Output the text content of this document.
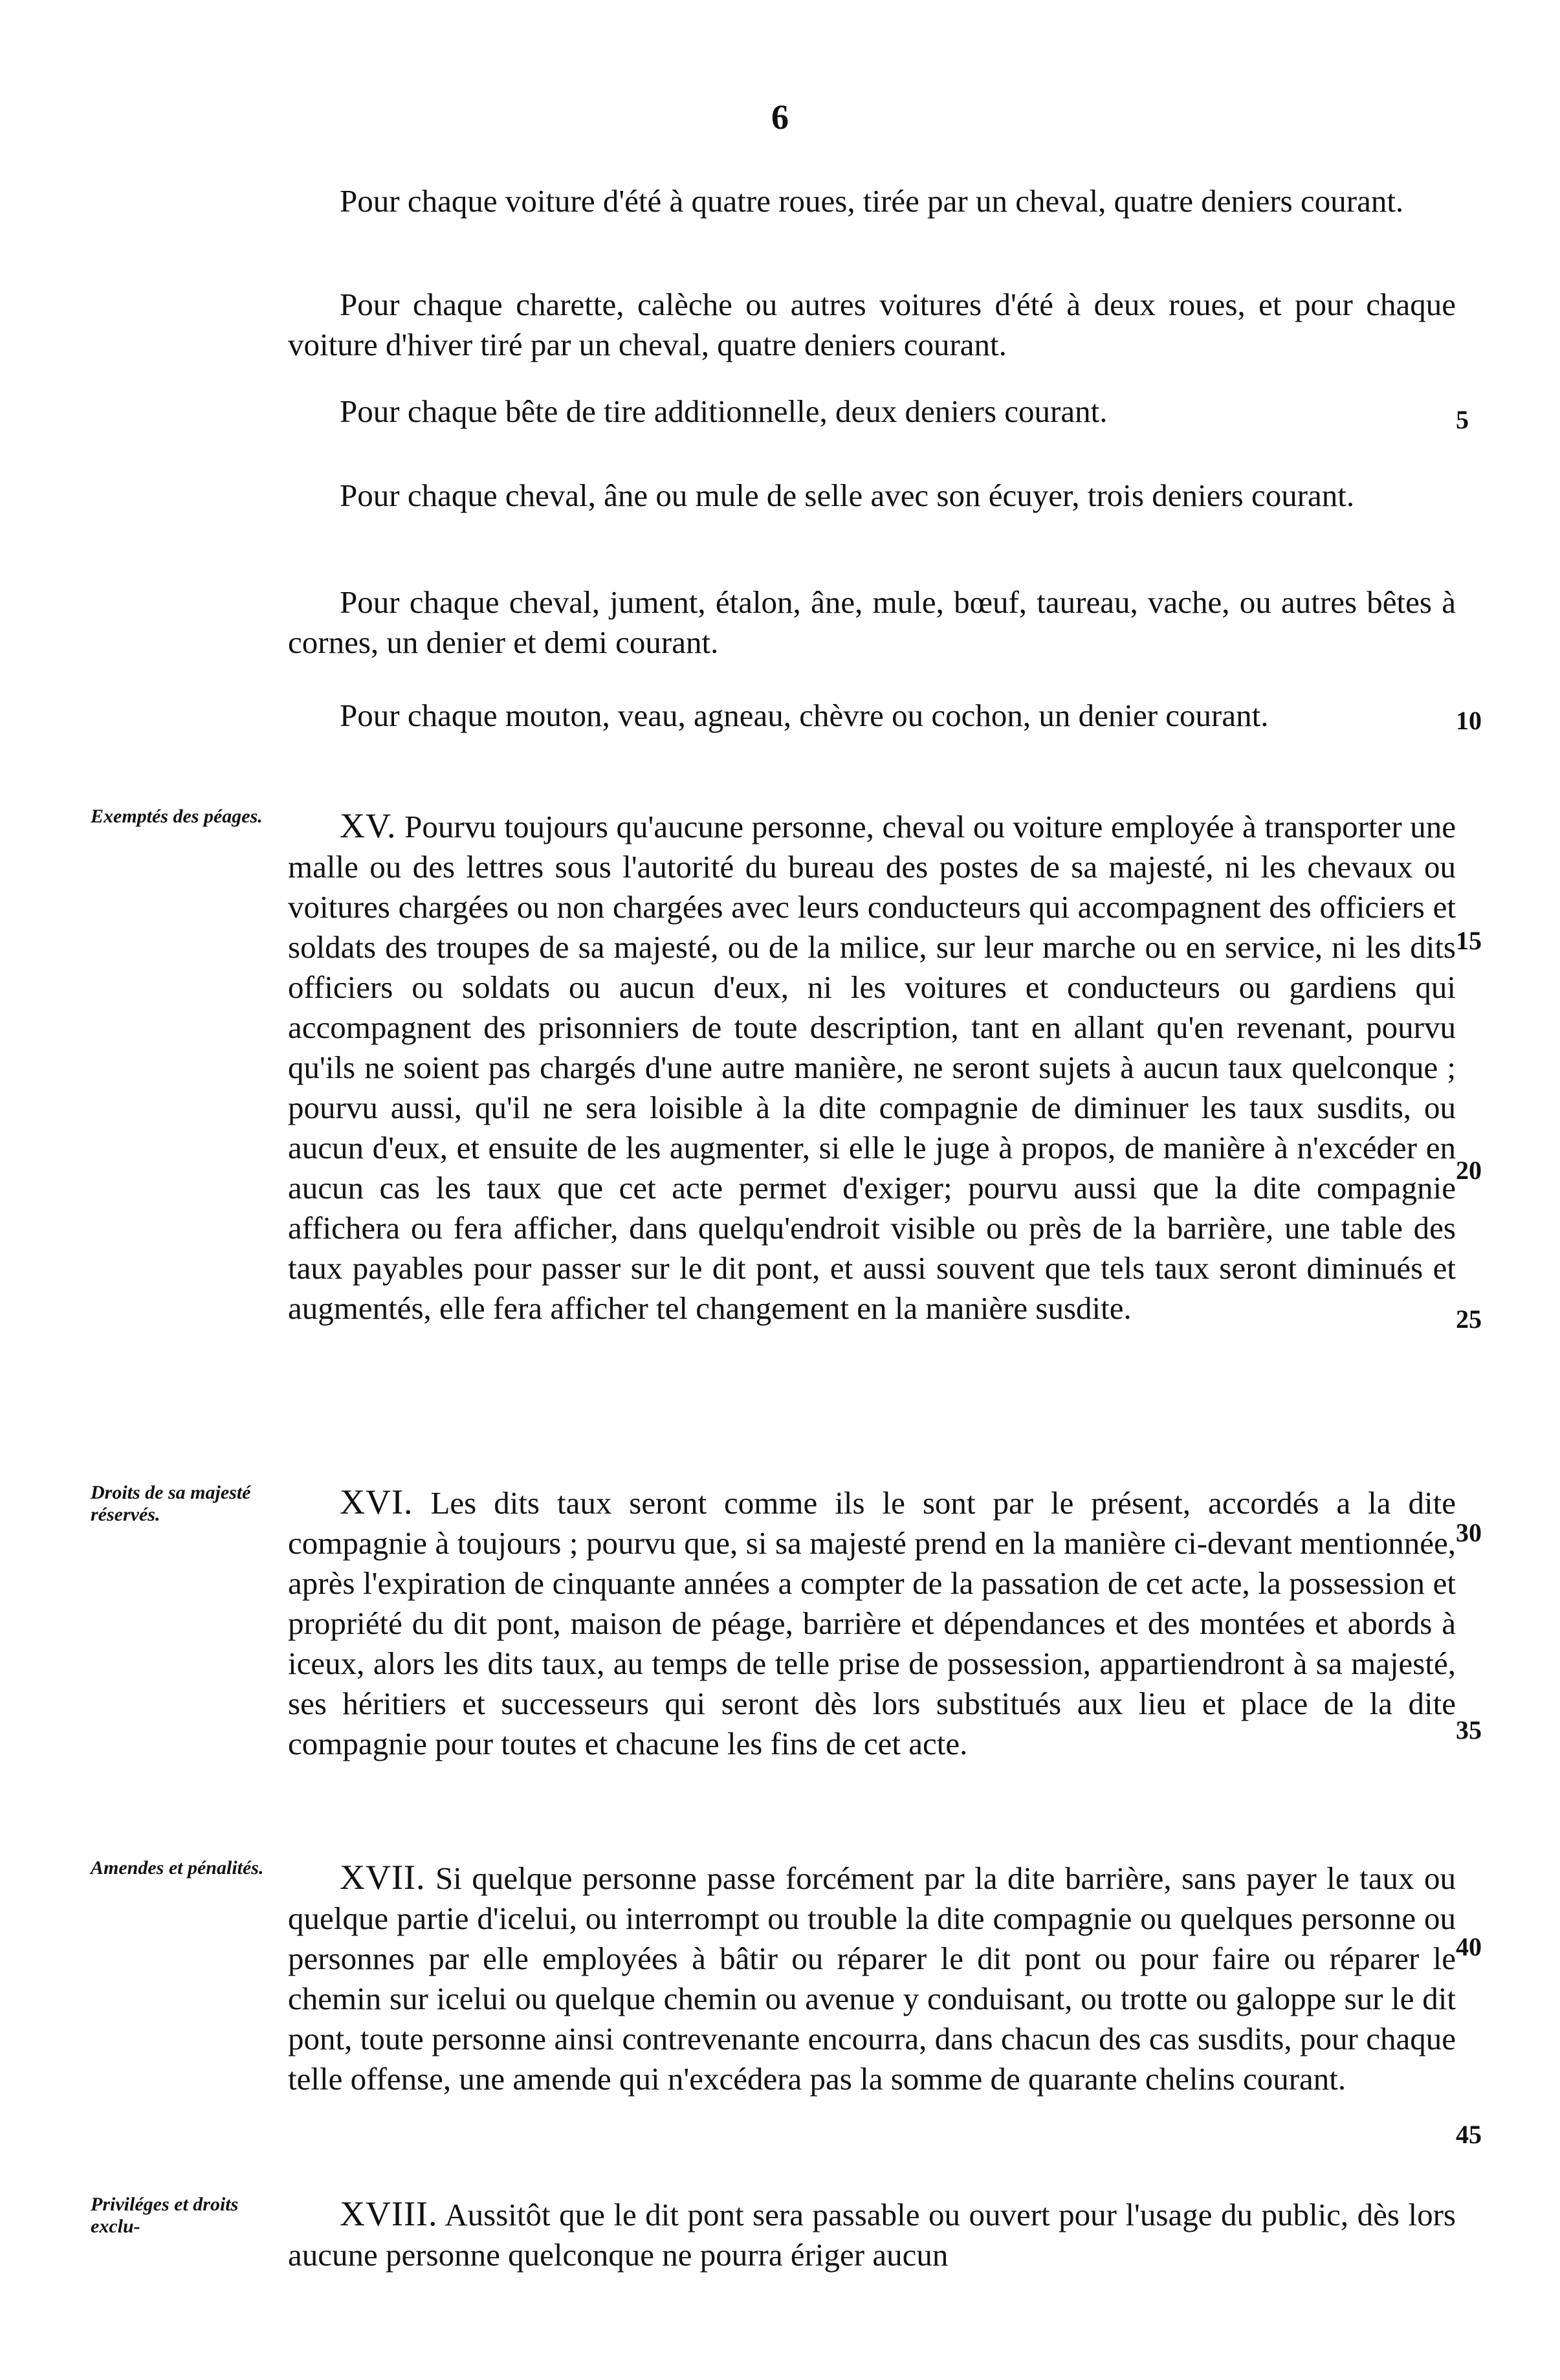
6

Pour chaque voiture d'été à quatre roues, tirée par un cheval, quatre deniers courant.

Pour chaque charette, calèche ou autres voitures d'été à deux roues, et pour chaque voiture d'hiver tiré par un cheval, quatre deniers courant.

Pour chaque bête de tire additionnelle, deux deniers courant.

Pour chaque cheval, âne ou mule de selle avec son écuyer, trois deniers courant.

Pour chaque cheval, jument, étalon, âne, mule, bœuf, taureau, vache, ou autres bêtes à cornes, un denier et demi courant.

Pour chaque mouton, veau, agneau, chèvre ou cochon, un denier courant.

Exemptés des péages.	XV. Pourvu toujours qu'aucune personne, cheval ou voiture employée à transporter une malle ou des lettres sous l'autorité du bureau des postes de sa majesté, ni les chevaux ou voitures chargées ou non chargées avec leurs conducteurs qui accompagnent des officiers et soldats des troupes de sa majesté, ou de la milice, sur leur marche ou en service, ni les dits officiers ou soldats ou aucun d'eux, ni les voitures et conducteurs ou gardiens qui accompagnent des prisonniers de toute description, tant en allant qu'en revenant, pourvu qu'ils ne soient pas chargés d'une autre manière, ne seront sujets à aucun taux quelconque ; pourvu aussi, qu'il ne sera loisible à la dite compagnie de diminuer les taux susdits, ou aucun d'eux, et ensuite de les augmenter, si elle le juge à propos, de manière à n'excéder en aucun cas les taux que cet acte permet d'exiger; pourvu aussi que la dite compagnie affichera ou fera afficher, dans quelqu'endroit visible ou près de la barrière, une table des taux payables pour passer sur le dit pont, et aussi souvent que tels taux seront diminués et augmentés, elle fera afficher tel changement en la manière susdite.

Droits de sa majesté réservés.	XVI. Les dits taux seront comme ils le sont par le présent, accordés a la dite compagnie à toujours ; pourvu que, si sa majesté prend en la manière ci-devant mentionnée, après l'expiration de cinquante années a compter de la passation de cet acte, la possession et propriété du dit pont, maison de péage, barrière et dépendances et des montées et abords à iceux, alors les dits taux, au temps de telle prise de possession, appartiendront à sa majesté, ses héritiers et successeurs qui seront dès lors substitués aux lieu et place de la dite compagnie pour toutes et chacune les fins de cet acte.

Amendes et pénalités.	XVII. Si quelque personne passe forcément par la dite barrière, sans payer le taux ou quelque partie d'icelui, ou interrompt ou trouble la dite compagnie ou quelques personne ou personnes par elle employées à bâtir ou réparer le dit pont ou pour faire ou réparer le chemin sur icelui ou quelque chemin ou avenue y conduisant, ou trotte ou galoppe sur le dit pont, toute personne ainsi contrevenante encourra, dans chacun des cas susdits, pour chaque telle offense, une amende qui n'excédera pas la somme de quarante chelins courant.

Priviléges et droits exclu-	XVIII. Aussitôt que le dit pont sera passable ou ouvert pour l'usage du public, dès lors aucune personne quelconque ne pourra ériger aucun

5
10
15
20
25
30
35
40
45
